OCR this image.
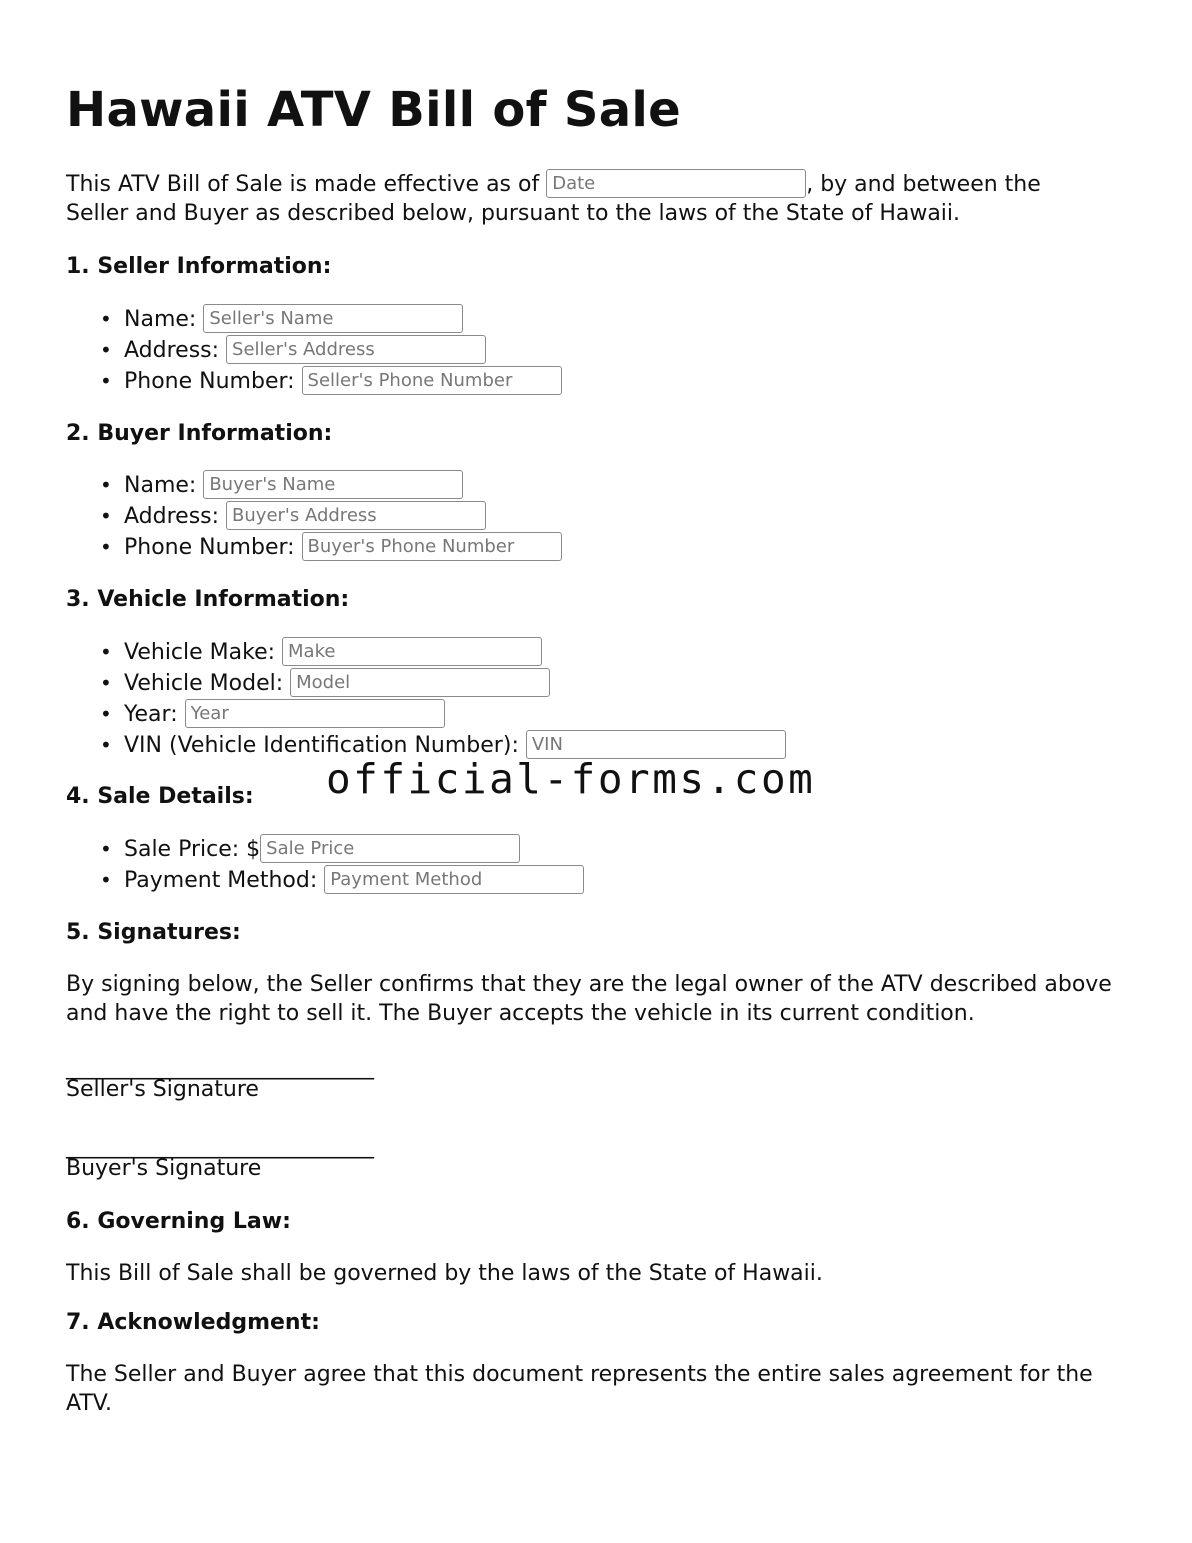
Hawaii ATV Bill of Sale
This ATV Bill of Sale is made effective as of Date	, by and between the
Seller and Buyer as described below, pursuant to the laws of the State of Hawaii.
1. Seller Information:
• Name: Seller's Name
• Address: Seller's Address
• Phone Number: Seller's Phone Number
2. Buyer Information:
• Name: Buyer's Name
• Address: Buyer's Address
• Phone Number: Buyer's Phone Number
3. Vehicle Information:
• Vehicle Make: Make
• Vehicle Model: Model
• Year: Year
• VIN (Vehicle Identification Number): VIN
4. Sale Details:
• Sale Price: $Sale Price
• Payment Method: Payment Method
5. Signatures:
By signing below, the Seller confirms that they are the legal owner of the ATV described above and have the right to sell it. The Buyer accepts the vehicle in its current condition.
____________________________
Seller's Signature
____________________________
Buyer's Signature
6. Governing Law:
This Bill of Sale shall be governed by the laws of the State of Hawaii.
7. Acknowledgment:
The Seller and Buyer agree that this document represents the entire sales agreement for the ATV.
official-forms.com
